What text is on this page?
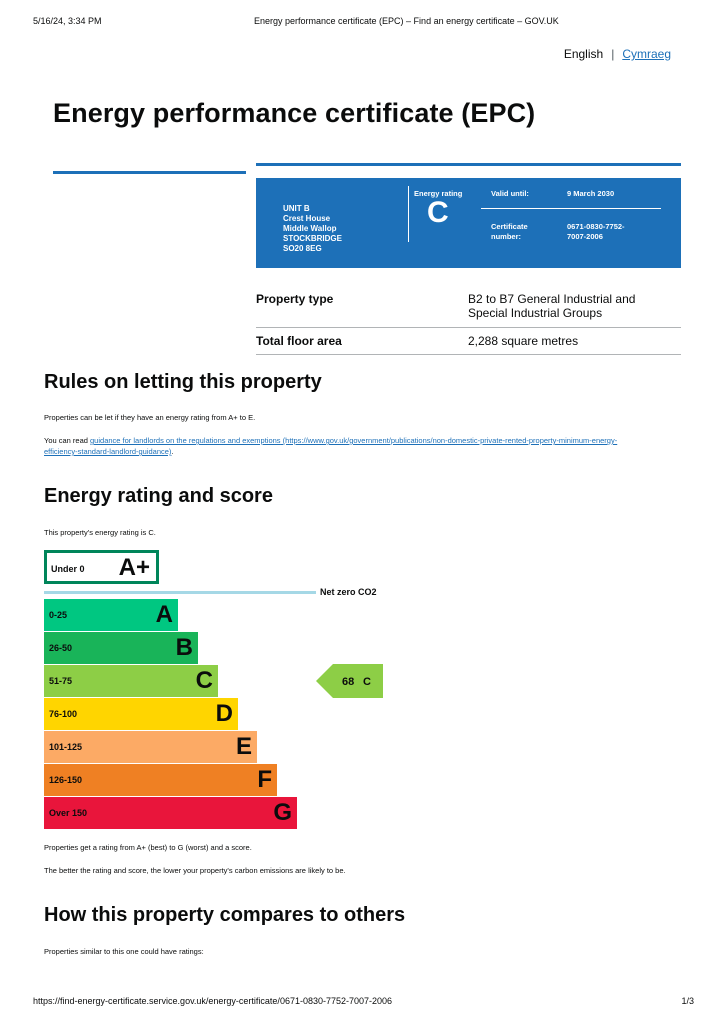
5/16/24, 3:34 PM	Energy performance certificate (EPC) – Find an energy certificate – GOV.UK
English | Cymraeg
Energy performance certificate (EPC)
UNIT B
Crest House
Middle Wallop
STOCKBRIDGE
SO20 8EG
Energy rating
C
Valid until:	9 March 2030
Certificate
number:
0671-0830-7752-
7007-2006
Property type	B2 to B7 General Industrial and
Special Industrial Groups
Total floor area	2,288 square metres
Rules on letting this property
Properties can be let if they have an energy rating from A+ to E.
You can read guidance for landlords on the regulations and exemptions (https://www.gov.uk/government/publications/non-domestic-private-rented-property-minimum-energy-
efficiency-standard-landlord-guidance).
Energy rating and score
This property's energy rating is C.
Under 0 A+
Net zero CO2
0-25	A
26-50	B
51-75	C
76-100	D
101-125	E
126-150	F
Over 150	G
68 C
Properties get a rating from A+ (best) to G (worst) and a score.
The better the rating and score, the lower your property's carbon emissions are likely to be.
How this property compares to others
Properties similar to this one could have ratings:
https://find-energy-certificate.service.gov.uk/energy-certificate/0671-0830-7752-7007-2006	1/3
